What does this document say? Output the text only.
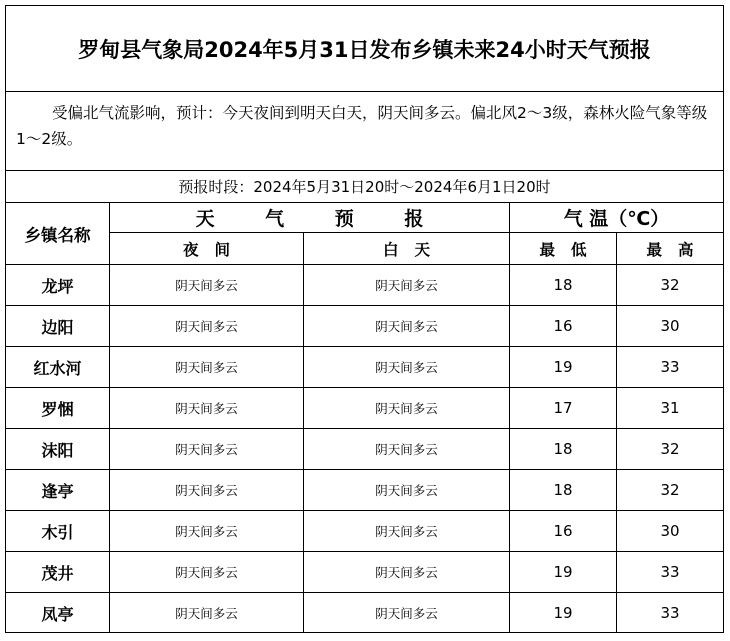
罗甸县气象局2024年5月31日发布乡镇未来24小时天气预报
受偏北气流影响，预计：今天夜间到明天白天，阴天间多云。偏北风2～3级，森林火险气象等级1～2级。
预报时段：2024年5月31日20时～2024年6月1日20时
乡镇名称
天 气 预 报	气 温（℃）
夜间	白天	最低	最高
龙坪	阴天间多云	阴天间多云	18	32
边阳	阴天间多云	阴天间多云	16	30
红水河	阴天间多云	阴天间多云	19	33
罗悃	阴天间多云	阴天间多云	17	31
沫阳	阴天间多云	阴天间多云	18	32
逢亭	阴天间多云	阴天间多云	18	32
木引	阴天间多云	阴天间多云	16	30
茂井	阴天间多云	阴天间多云	19	33
凤亭	阴天间多云	阴天间多云	19	33
